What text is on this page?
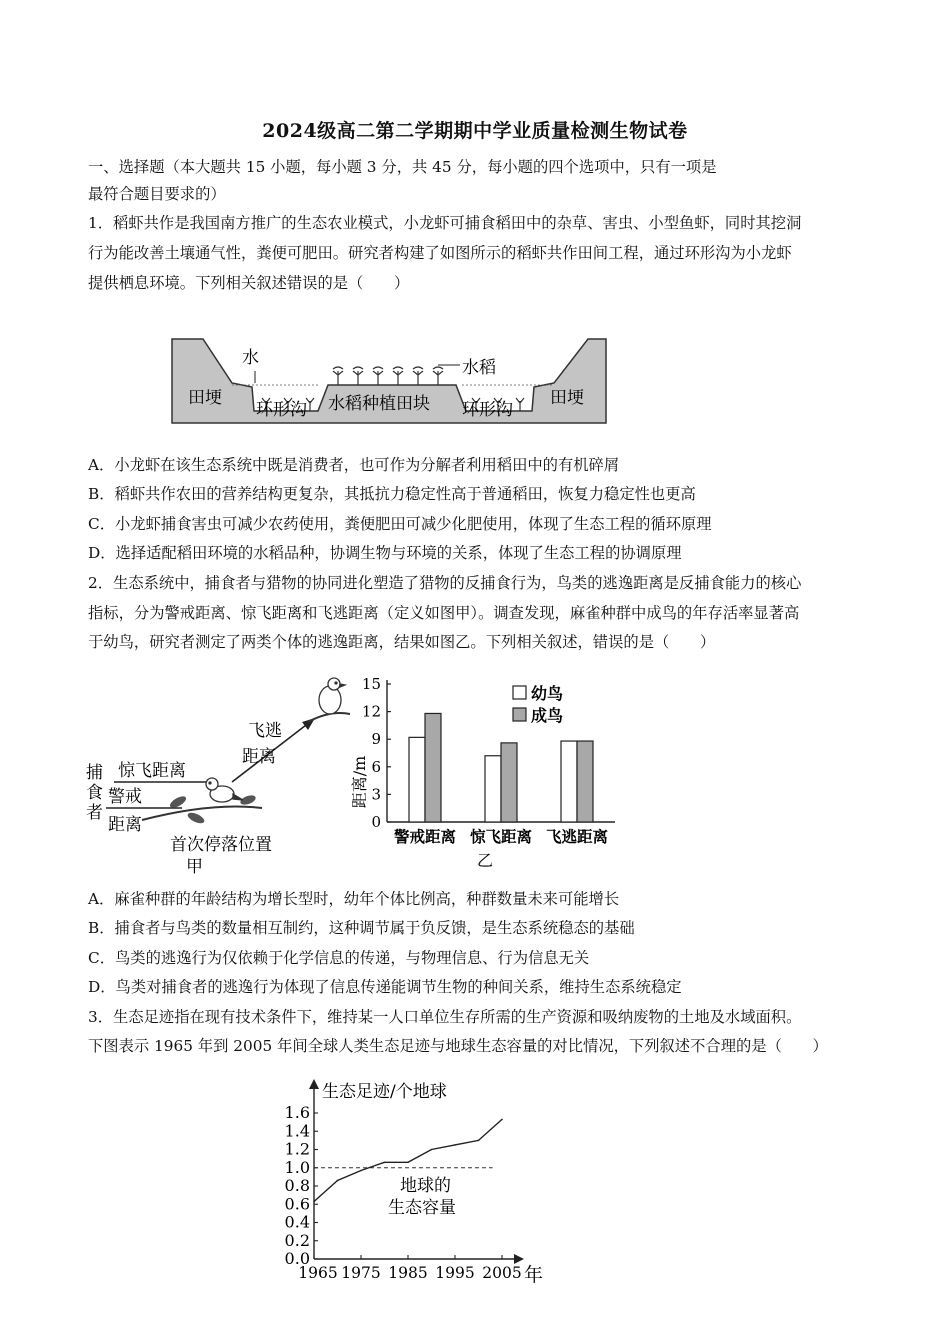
2024级高二第二学期期中学业质量检测生物试卷
一、选择题（本大题共 15 小题，每小题 3 分，共 45 分，每小题的四个选项中，只有一项是
最符合题目要求的）
1．稻虾共作是我国南方推广的生态农业模式，小龙虾可捕食稻田中的杂草、害虫、小型鱼虾，同时其挖洞
行为能改善土壤通气性，粪便可肥田。研究者构建了如图所示的稻虾共作田间工程，通过环形沟为小龙虾
提供栖息环境。下列相关叙述错误的是（　　）
田埂	田埂
水	水稻
环形沟	环形沟
水稻种植田块
A．小龙虾在该生态系统中既是消费者，也可作为分解者利用稻田中的有机碎屑
B．稻虾共作农田的营养结构更复杂，其抵抗力稳定性高于普通稻田，恢复力稳定性也更高
C．小龙虾捕食害虫可减少农药使用，粪便肥田可减少化肥使用，体现了生态工程的循环原理
D．选择适配稻田环境的水稻品种，协调生物与环境的关系，体现了生态工程的协调原理
2．生态系统中，捕食者与猎物的协同进化塑造了猎物的反捕食行为，鸟类的逃逸距离是反捕食能力的核心
指标，分为警戒距离、惊飞距离和飞逃距离（定义如图甲）。调查发现，麻雀种群中成鸟的年存活率显著高
于幼鸟，研究者测定了两类个体的逃逸距离，结果如图乙。下列相关叙述，错误的是（　　）
捕
食
者
惊飞距离
警戒
距离
飞逃
距离
首次停落位置
甲
距离/m
0
3
6
9
12
15
警戒距离 惊飞距离 飞逃距离
幼鸟
成鸟
乙
A．麻雀种群的年龄结构为增长型时，幼年个体比例高，种群数量未来可能增长
B．捕食者与鸟类的数量相互制约，这种调节属于负反馈，是生态系统稳态的基础
C．鸟类的逃逸行为仅依赖于化学信息的传递，与物理信息、行为信息无关
D．鸟类对捕食者的逃逸行为体现了信息传递能调节生物的种间关系，维持生态系统稳定
3．生态足迹指在现有技术条件下，维持某一人口单位生存所需的生产资源和吸纳废物的土地及水域面积。
下图表示 1965 年到 2005 年间全球人类生态足迹与地球生态容量的对比情况，下列叙述不合理的是（　　）
生态足迹/个地球
0.0
0.2
0.4
0.6
0.8
1.0
1.2
1.4
1.6
1965 1975 1985 1995 2005 年
地球的
生态容量
